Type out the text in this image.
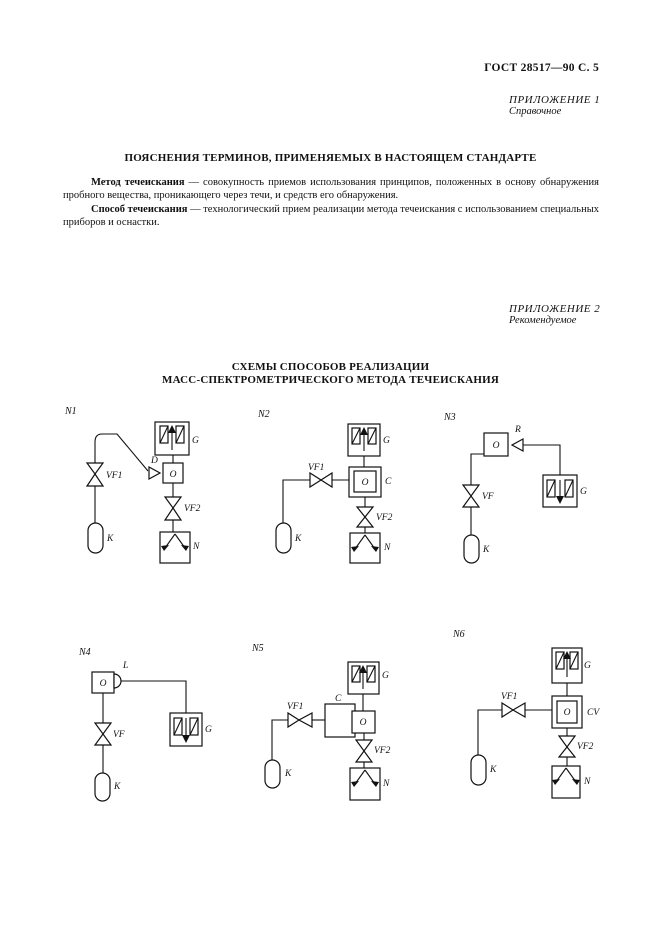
ГОСТ 28517—90 С. 5
ПРИЛОЖЕНИЕ 1
Справочное
ПОЯСНЕНИЯ ТЕРМИНОВ, ПРИМЕНЯЕМЫХ В НАСТОЯЩЕМ СТАНДАРТЕ

Метод течеискания — совокупность приемов использования принципов, положенных в основу обнаружения пробного вещества, проникающего через течи, и средств его обнаружения.

Способ течеискания — технологический прием реализации метода течеискания с использованием специальных приборов и оснастки.

ПРИЛОЖЕНИЕ 2
Рекомендуемое
СХЕМЫ СПОСОБОВ РЕАЛИЗАЦИИ
МАСС-СПЕКТРОМЕТРИЧЕСКОГО МЕТОДА ТЕЧЕИСКАНИЯ
N1
G
O
D
VF1
K
VF2
N
N2
G
O C
VF1
K
VF2
N
N3
O
R
G
VF
K
N4
O
L
G
VF
K
N5
G
C
O
VF1
K
VF2
N
N6
G
O CV
VF1
K
VF2
N
